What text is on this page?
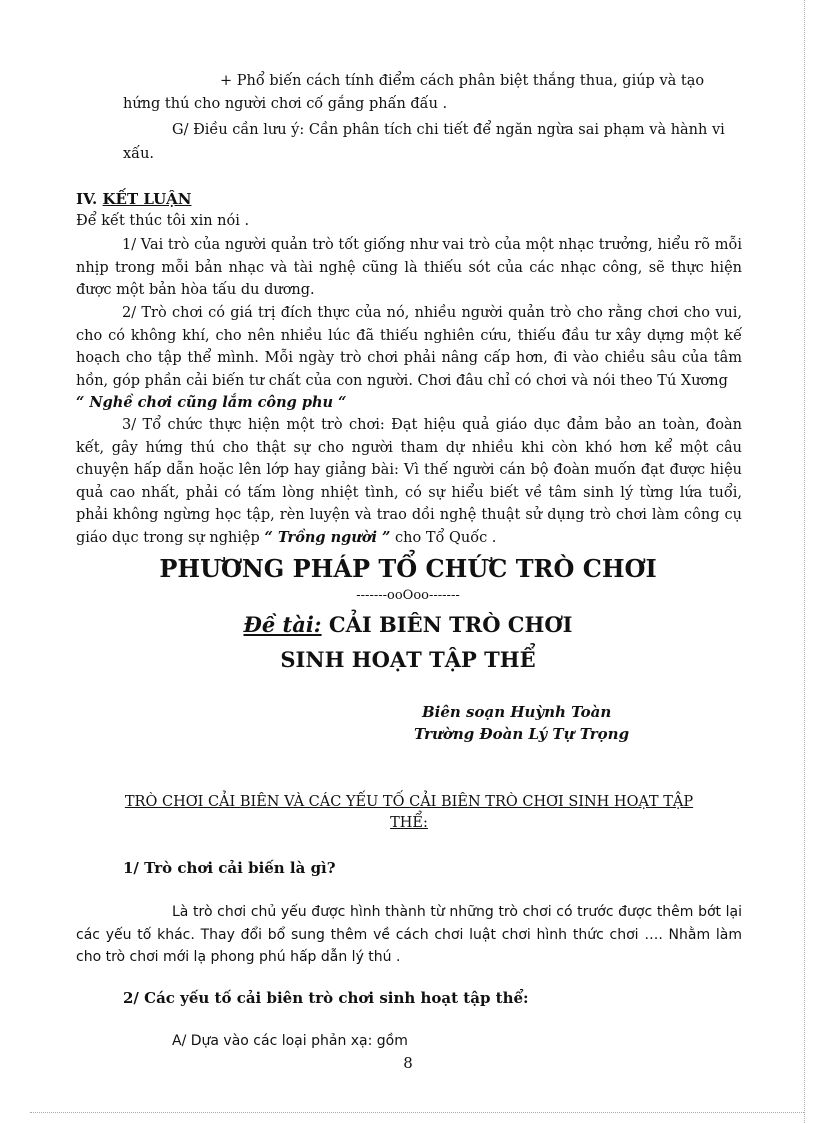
+ Phổ biến cách tính điểm cách phân biệt thắng thua, giúp và tạo

hứng thú cho người chơi cố gắng phấn đấu .

G/ Điều cần lưu ý: Cần phân tích chi tiết để ngăn ngừa sai phạm và hành vi

xấu.

IV. KẾT LUẬN

Để kết thúc tôi xin nói .

1/ Vai trò của người quản trò tốt giống như vai trò của một nhạc trưởng, hiểu rõ mỗi nhịp trong mỗi bản nhạc và tài nghệ cũng là thiếu sót của các nhạc công, sẽ thực hiện được một bản hòa tấu du dương.

2/ Trò chơi có giá trị đích thực của nó, nhiều người quản trò cho rằng chơi cho vui, cho có không khí, cho nên nhiều lúc đã thiếu nghiên cứu, thiếu đầu tư xây dựng một kế hoạch cho tập thể mình. Mỗi ngày trò chơi phải nâng cấp hơn, đi vào chiều sâu của tâm hồn, góp phần cải biến tư chất của con người. Chơi đâu chỉ có chơi và nói theo Tú Xương

“ Nghề chơi cũng lắm công phu “

3/ Tổ chức thực hiện một trò chơi: Đạt hiệu quả giáo dục đảm bảo an toàn, đoàn kết, gây hứng thú cho thật sự cho người tham dự nhiều khi còn khó hơn kể một câu chuyện hấp dẫn hoặc lên lớp hay giảng bài: Vì thế người cán bộ đoàn muốn đạt được hiệu quả cao nhất, phải có tấm lòng nhiệt tình, có sự hiểu biết về tâm sinh lý từng lứa tuổi, phải không ngừng học tập, rèn luyện và trao dồi nghệ thuật sử dụng trò chơi làm công cụ giáo dục trong sự nghiệp “ Trồng người ” cho Tổ Quốc .

PHƯƠNG PHÁP TỔ CHỨC TRÒ CHƠI

-------ooOoo-------

Đề tài: CẢI BIÊN TRÒ CHƠI

SINH HOẠT TẬP THỂ

Biên soạn Huỳnh Toàn

Trường Đoàn Lý Tự Trọng

TRÒ CHƠI CẢI BIÊN VÀ CÁC YẾU TỐ CẢI BIÊN TRÒ CHƠI SINH HOẠT TẬP

THỂ:

1/ Trò chơi cải biến là gì?

Là trò chơi chủ yếu được hình thành từ những trò chơi có trước được thêm bớt lại các yếu tố khác. Thay đổi bổ sung thêm về cách chơi luật chơi hình thức chơi …. Nhằm làm cho trò chơi mới lạ phong phú hấp dẫn lý thú .

2/ Các yếu tố cải biên trò chơi sinh hoạt tập thể:

A/ Dựa vào các loại phản xạ: gồm

8
